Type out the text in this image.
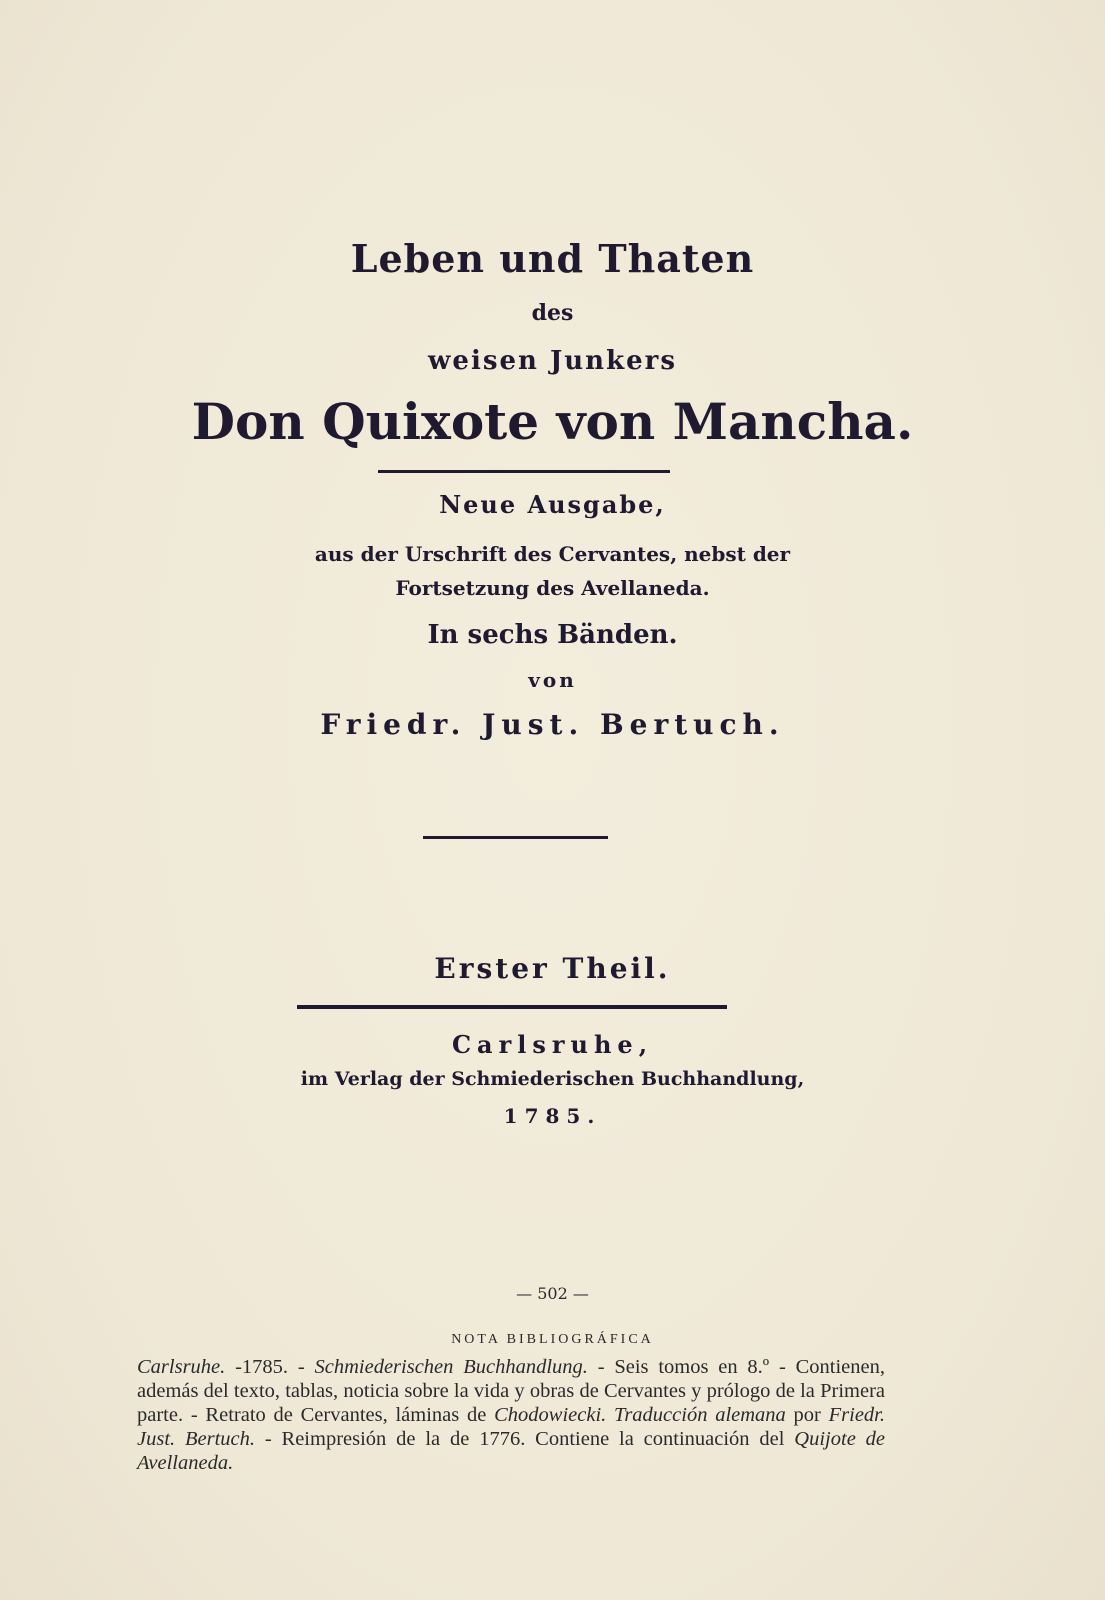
Leben und Thaten
des
weisen Junkers
Don Quixote von Mancha.
Neue Ausgabe,
aus der Urschrift des Cervantes, nebst der
Fortsetzung des Avellaneda.
In sechs Bänden.
von
Friedr. Just. Bertuch.
Erster Theil.
Carlsruhe,
im Verlag der Schmiederischen Buchhandlung,
1785.
— 502 —
NOTA BIBLIOGRÁFICA
Carlsruhe. -1785. - Schmiederischen Buchhandlung. - Seis tomos en 8.º - Contienen, además del texto, tablas, noticia sobre la vida y obras de Cervantes y prólogo de la Primera parte. - Retrato de Cervantes, láminas de Chodowiecki. Traducción alemana por Friedr. Just. Bertuch. - Reimpresión de la de 1776. Contiene la continuación del Quijote de Avellaneda.
